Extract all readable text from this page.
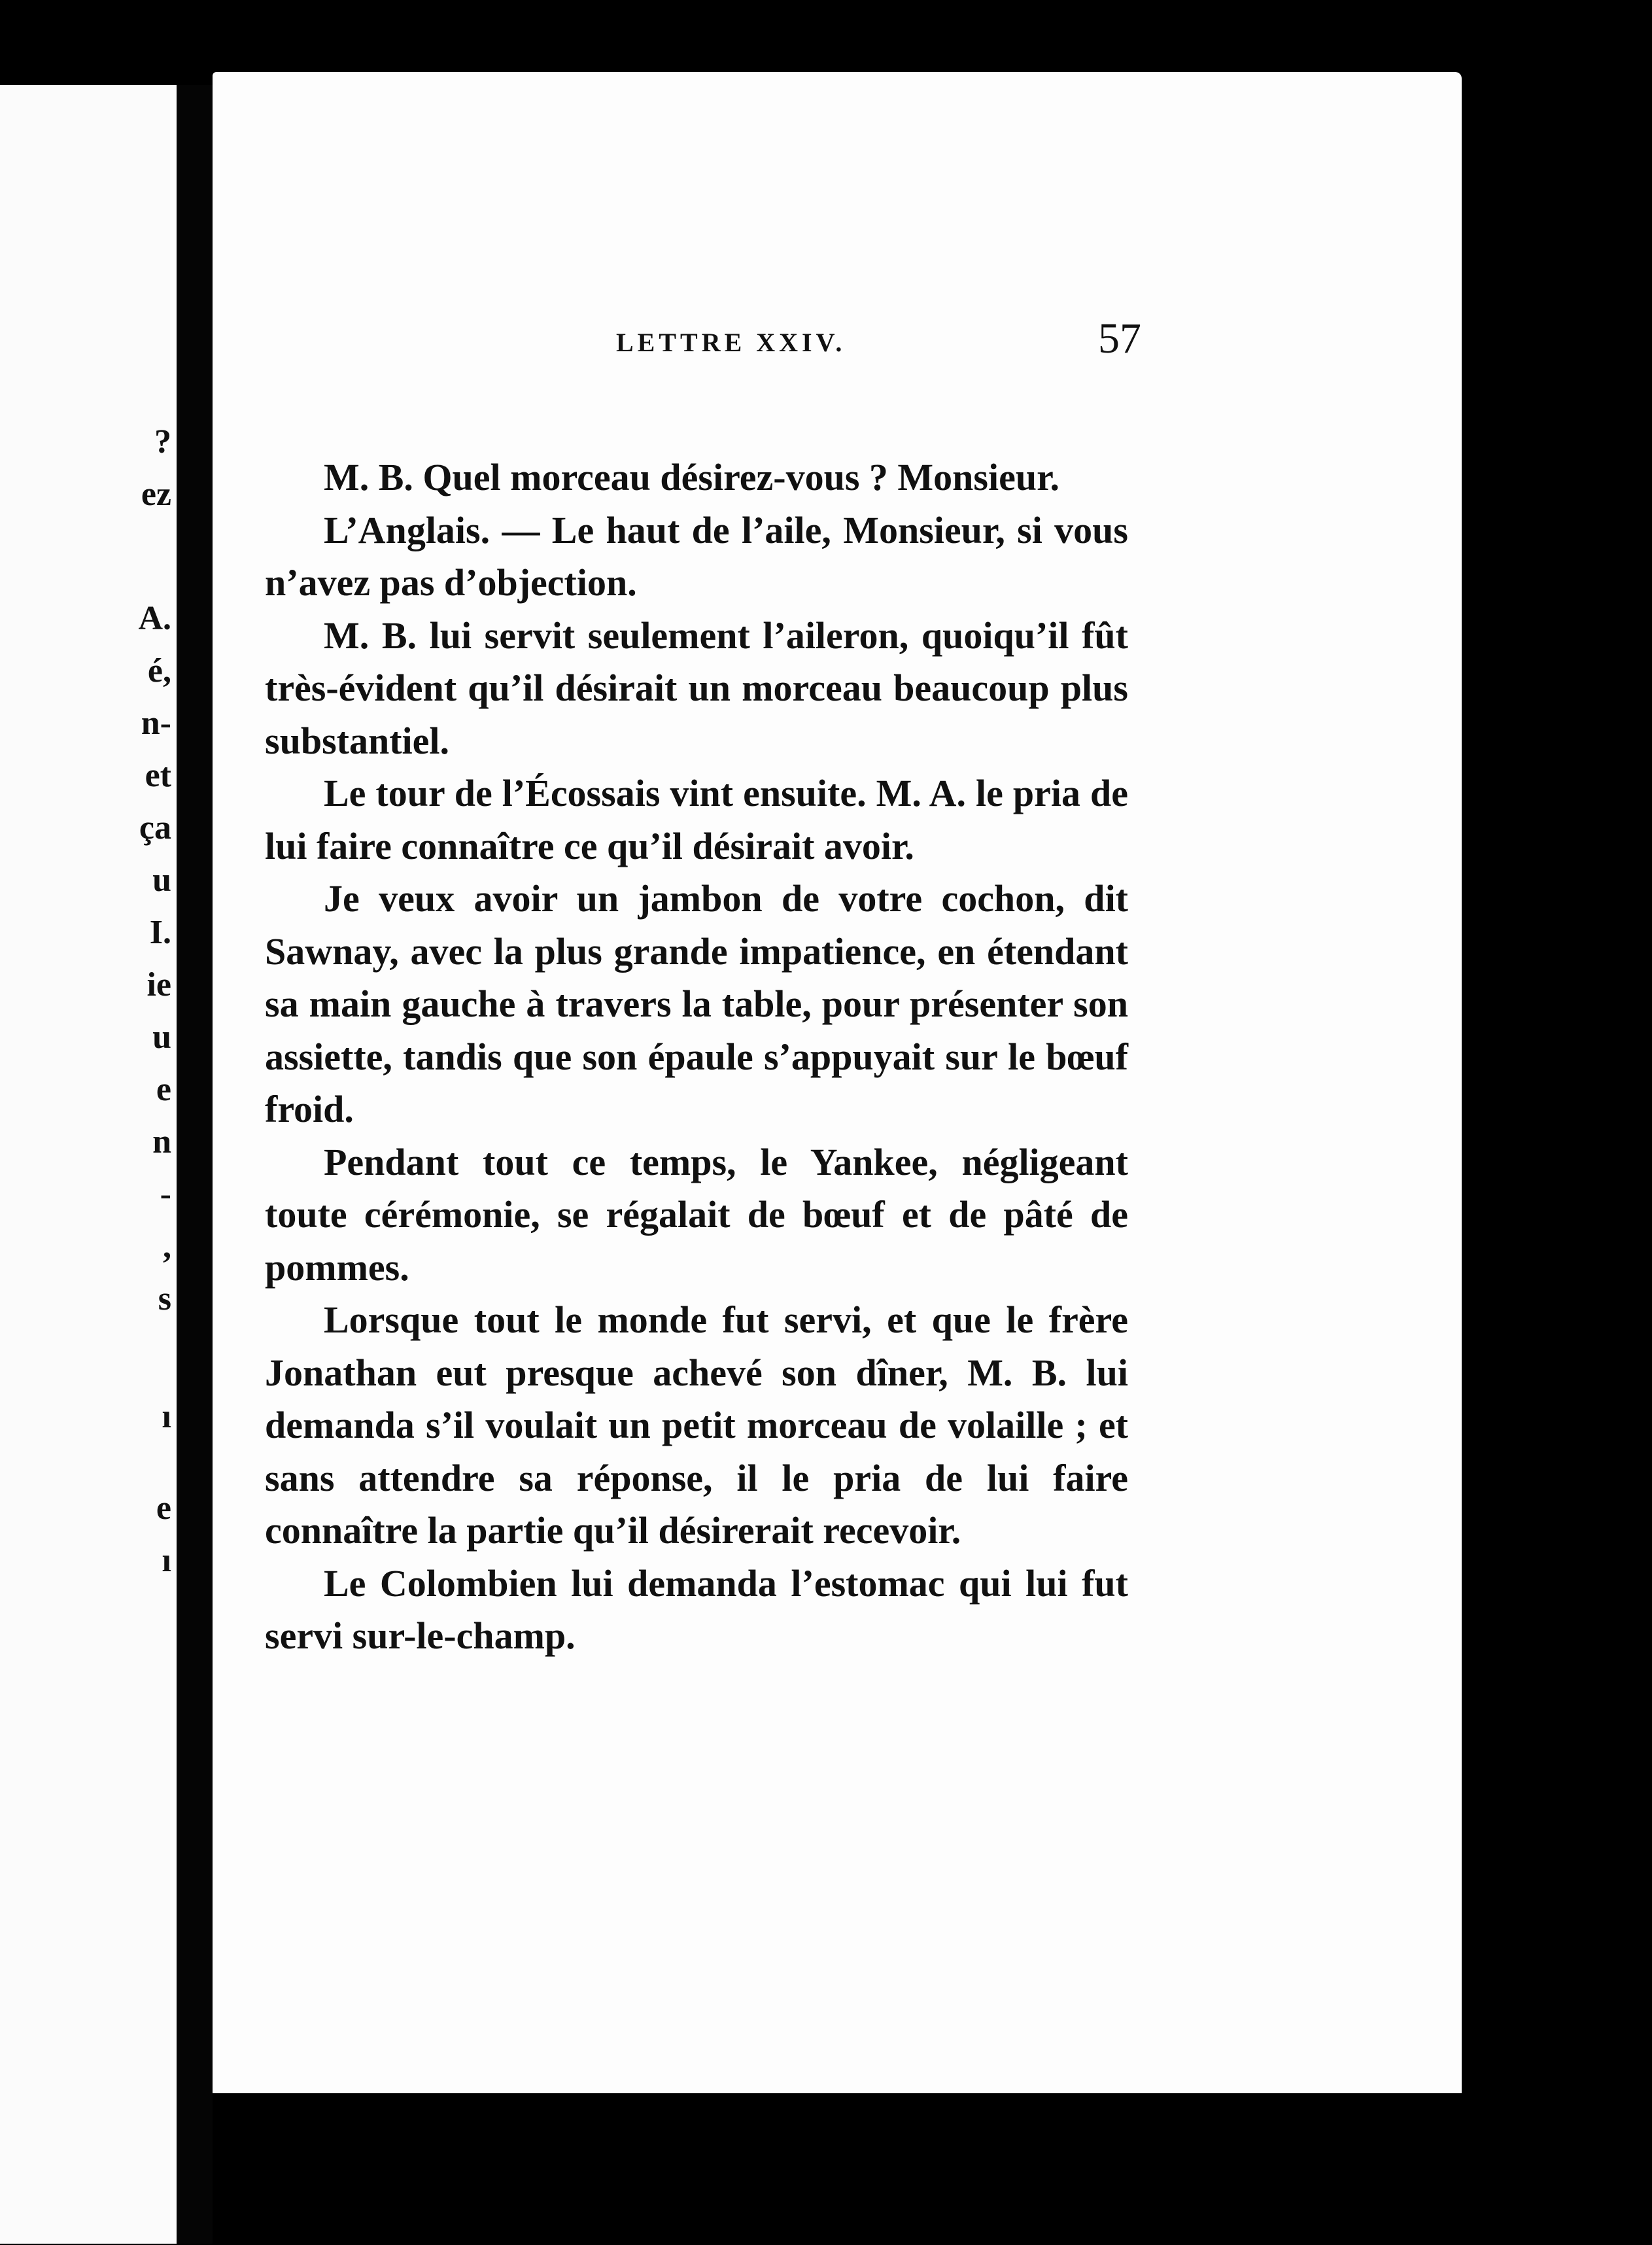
?
ez
A.
é,
n-
et
ça
u
I.
ie
u
e
n
-
,
s
ı
e
ı
LETTRE XXIV.	57

M. B. Quel morceau désirez-vous ? Monsieur.

L’Anglais. — Le haut de l’aile, Monsieur, si vous n’avez pas d’objection.

M. B. lui servit seulement l’aileron, quoiqu’il fût très-évident qu’il désirait un morceau beaucoup plus substantiel.

Le tour de l’Écossais vint ensuite. M. A. le pria de lui faire connaître ce qu’il désirait avoir.

Je veux avoir un jambon de votre cochon, dit Sawnay, avec la plus grande impatience, en étendant sa main gauche à travers la table, pour présenter son assiette, tandis que son épaule s’appuyait sur le bœuf froid.

Pendant tout ce temps, le Yankee, négligeant toute cérémonie, se régalait de bœuf et de pâté de pommes.

Lorsque tout le monde fut servi, et que le frère Jonathan eut presque achevé son dîner, M. B. lui demanda s’il voulait un petit morceau de volaille ; et sans attendre sa réponse, il le pria de lui faire connaître la partie qu’il désirerait recevoir.

Le Colombien lui demanda l’estomac qui lui fut servi sur-le-champ.
